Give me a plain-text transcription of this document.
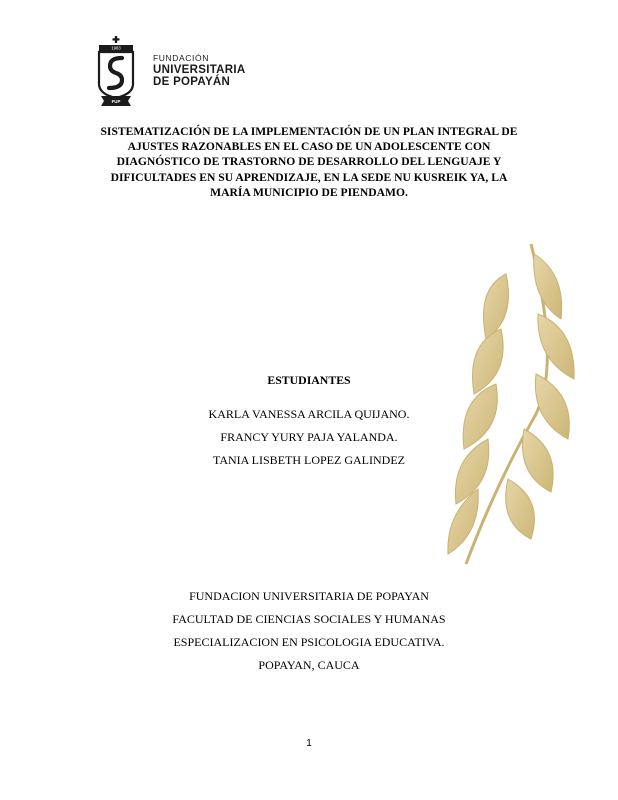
1983
FUP
FUNDACIÓN
UNIVERSITARIA
DE POPAYÁN
SISTEMATIZACIÓN DE LA IMPLEMENTACIÓN DE UN PLAN INTEGRAL DE
AJUSTES RAZONABLES EN EL CASO DE UN ADOLESCENTE CON
DIAGNÓSTICO DE TRASTORNO DE DESARROLLO DEL LENGUAJE Y
DIFICULTADES EN SU APRENDIZAJE, EN LA SEDE NU KUSREIK YA, LA
MARÍA MUNICIPIO DE PIENDAMO.
ESTUDIANTES
KARLA VANESSA ARCILA QUIJANO.
FRANCY YURY PAJA YALANDA.
TANIA LISBETH LOPEZ GALINDEZ
FUNDACION UNIVERSITARIA DE POPAYAN
FACULTAD DE CIENCIAS SOCIALES Y HUMANAS
ESPECIALIZACION EN PSICOLOGIA EDUCATIVA.
POPAYAN, CAUCA
1
